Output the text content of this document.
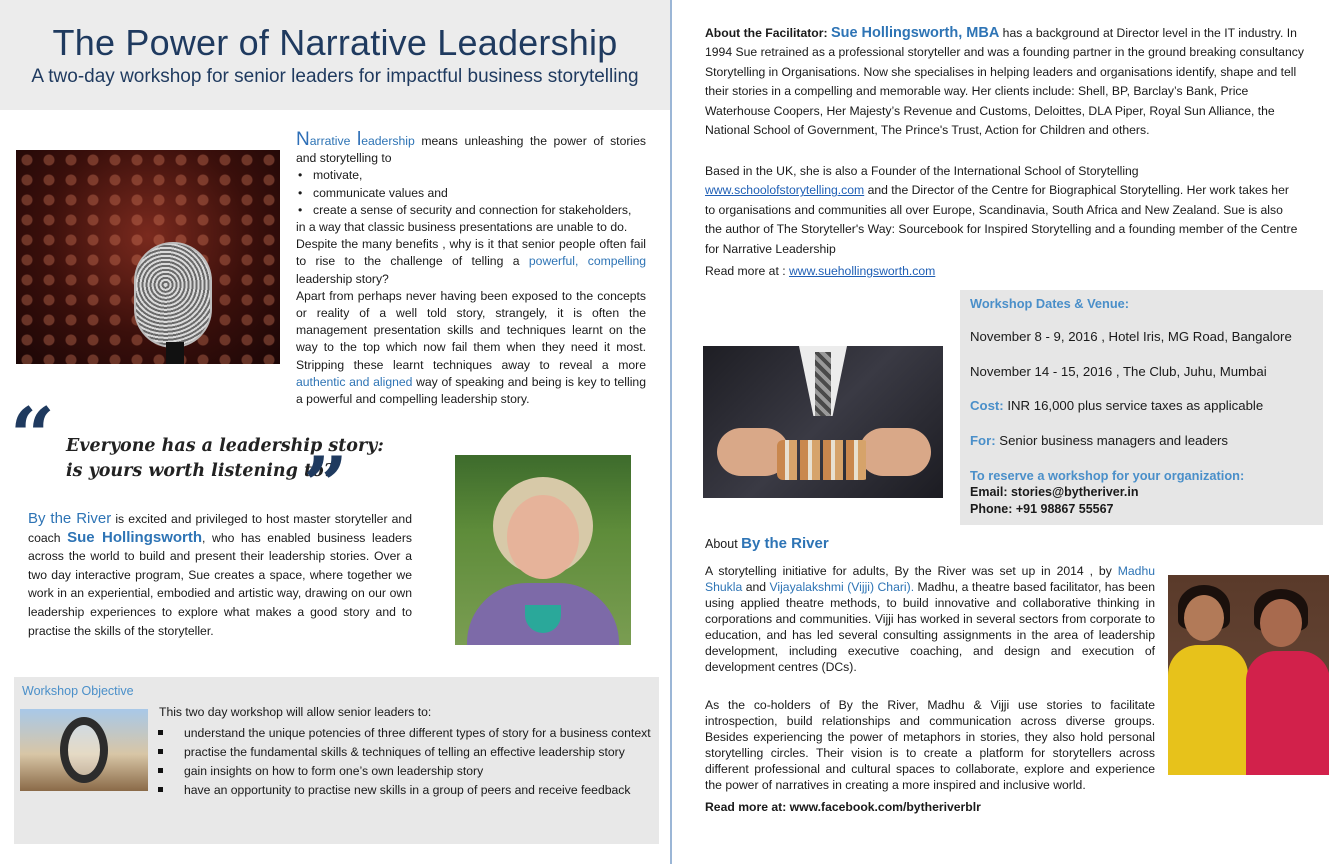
The Power of Narrative Leadership
A two-day workshop for senior leaders for impactful business storytelling
Narrative leadership means unleashing the power of stories and storytelling to
• motivate,
• communicate values and
• create a sense of security and connection for stakeholders,
in a way that classic business presentations are unable to do.
Despite the many benefits , why is it that senior people often fail to rise to the challenge of telling a powerful, compelling leadership story?
Apart from perhaps never having been exposed to the concepts or reality of a well told story, strangely, it is often the management presentation skills and techniques learnt on the way to the top which now fail them when they need it most. Stripping these learnt techniques away to reveal a more authentic and aligned way of speaking and being is key to telling a powerful and compelling leadership story.
“ Everyone has a leadership story: is yours worth listening to?
”
By the River is excited and privileged to host master storyteller and coach Sue Hollingsworth, who has enabled business leaders across the world to build and present their leadership stories. Over a two day interactive program, Sue creates a space, where together we work in an experiential, embodied and artistic way, drawing on our own leadership experiences to explore what makes a good story and to practise the skills of the storyteller.
Workshop Objective
This two day workshop will allow senior leaders to:
understand the unique potencies of three different types of story for a business context
practise the fundamental skills & techniques of telling an effective leadership story
gain insights on how to form one’s own leadership story
have an opportunity to practise new skills in a group of peers and receive feedback
About the Facilitator: Sue Hollingsworth, MBA has a background at Director level in the IT industry. In 1994 Sue retrained as a professional storyteller and was a founding partner in the ground breaking consultancy Storytelling in Organisations. Now she specialises in helping leaders and organisations identify, shape and tell their stories in a compelling and memorable way. Her clients include: Shell, BP, Barclay’s Bank, Price Waterhouse Coopers, Her Majesty’s Revenue and Customs, Deloittes, DLA Piper, Royal Sun Alliance, the National School of Government, The Prince's Trust, Action for Children and others.
Based in the UK, she is also a Founder of the International School of Storytelling
www.schoolofstorytelling.com and the Director of the Centre for Biographical Storytelling. Her work takes her to organisations and communities all over Europe, Scandinavia, South Africa and New Zealand. Sue is also the author of The Storyteller's Way: Sourcebook for Inspired Storytelling and a founding member of the Centre for Narrative Leadership
Read more at : www.suehollingsworth.com
Workshop Dates & Venue:
November 8 - 9, 2016 , Hotel Iris, MG Road, Bangalore
November 14 - 15, 2016 , The Club, Juhu, Mumbai
Cost: INR 16,000 plus service taxes as applicable
For: Senior business managers and leaders
To reserve a workshop for your organization:
Email: stories@bytheriver.in
Phone: +91 98867 55567
About By the River
A storytelling initiative for adults, By the River was set up in 2014 , by Madhu Shukla and Vijayalakshmi (Vijji) Chari). Madhu, a theatre based facilitator, has been using applied theatre methods, to build innovative and collaborative thinking in corporations and communities. Vijji has worked in several sectors from corporate to education, and has led several consulting assignments in the area of leadership development, including executive coaching, and design and execution of development centres (DCs).
As the co-holders of By the River, Madhu & Vijji use stories to facilitate introspection, build relationships and communication across diverse groups. Besides experiencing the power of metaphors in stories, they also hold personal storytelling circles. Their vision is to create a platform for storytellers across different professional and cultural spaces to collaborate, explore and experience the power of narratives in creating a more inspired and inclusive world.
Read more at: www.facebook.com/bytheriverblr
